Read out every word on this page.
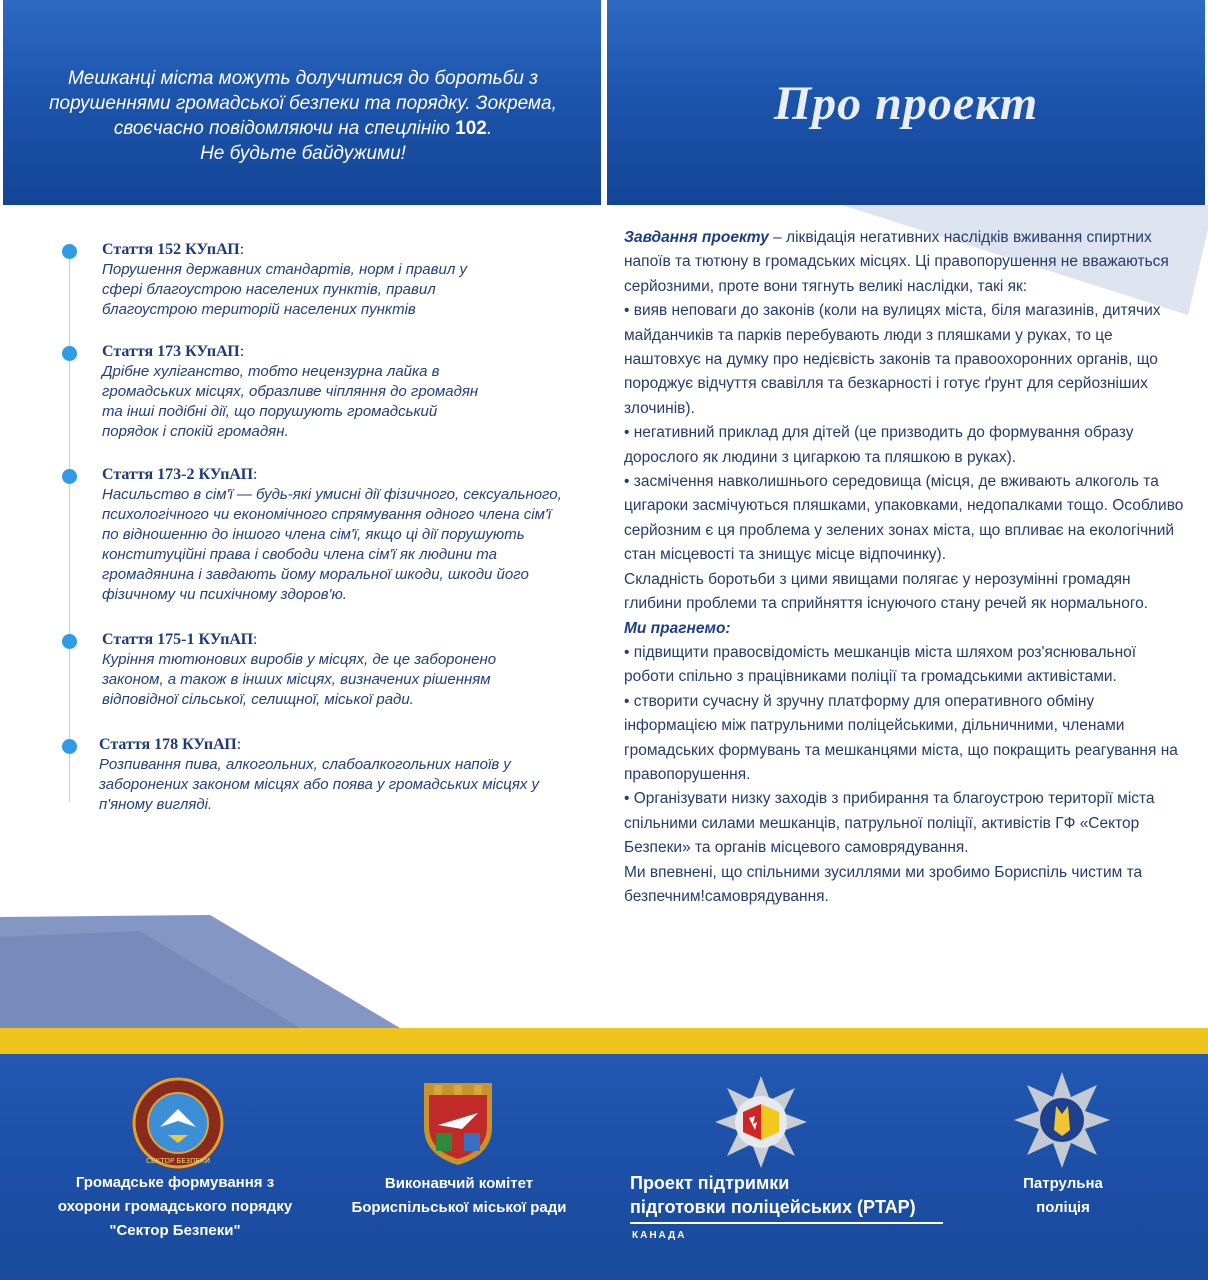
Мешканці міста можуть долучитися до боротьби з
порушеннями громадської безпеки та порядку. Зокрема,
своєчасно повідомляючи на спецлінію 102.
Не будьте байдужими!
Про проект
Стаття 152 КУпАП:
Порушення державних стандартів, норм і правил у
сфері благоустрою населених пунктів, правил
благоустрою територій населених пунктів
Стаття 173 КУпАП:
Дрібне хуліганство, тобто нецензурна лайка в
громадських місцях, образливе чіпляння до громадян
та інші подібні дії, що порушують громадський
порядок і спокій громадян.
Стаття 173-2 КУпАП:
Насильство в сім'ї — будь-які умисні дії фізичного, сексуального,
психологічного чи економічного спрямування одного члена сім'ї
по відношенню до іншого члена сім'ї, якщо ці дії порушують
конституційні права і свободи члена сім'ї як людини та
громадянина і завдають йому моральної шкоди, шкоди його
фізичному чи психічному здоров'ю.
Стаття 175-1 КУпАП:
Куріння тютюнових виробів у місцях, де це заборонено
законом, а також в інших місцях, визначених рішенням
відповідної сільської, селищної, міської ради.
Стаття 178 КУпАП:
Розпивання пива, алкогольних, слабоалкогольних напоїв у
заборонених законом місцях або поява у громадських місцях у
п'яному вигляді.

Завдання проекту – ліквідація негативних наслідків вживання спиртних напоїв та тютюну в громадських місцях. Ці правопорушення не вважаються серйозними, проте вони тягнуть великі наслідки, такі як:

• вияв неповаги до законів (коли на вулицях міста, біля магазинів, дитячих майданчиків та парків перебувають люди з пляшками у руках, то це наштовхує на думку про недієвість законів та правоохоронних органів, що породжує відчуття свавілля та безкарності і готує ґрунт для серйозніших злочинів).

• негативний приклад для дітей (це призводить до формування образу дорослого як людини з цигаркою та пляшкою в руках).

• засмічення навколишнього середовища (місця, де вживають алкоголь та цигароки засмічуються пляшками, упаковками, недопалками тощо. Особливо серйозним є ця проблема у зелених зонах міста, що впливає на екологічний стан місцевості та знищує місце відпочинку).

Складність боротьби з цими явищами полягає у нерозумінні громадян глибини проблеми та сприйняття існуючого стану речей як нормального.

Ми прагнемо:

• підвищити правосвідомість мешканців міста шляхом роз'яснювальної роботи спільно з працівниками поліції та громадськими активістами.

• створити сучасну й зручну платформу для оперативного обміну інформацією між патрульними поліцейськими, дільничними, членами громадських формувань та мешканцями міста, що покращить реагування на правопорушення.

• Організувати низку заходів з прибирання та благоустрою території міста спільними силами мешканців, патрульної поліції, активістів ГФ «Сектор Безпеки» та органів місцевого самоврядування.

Ми впевнені, що спільними зусиллями ми зробимо Бориспіль чистим та безпечним!самоврядування.

СЕКТОР БЕЗПЕКИ
Громадське формування з
охорони громадського порядку
"Сектор Безпеки"
Виконавчий комітет
Бориспільської міської ради
Проект підтримки
підготовки поліцейських (PTAP)
КАНАДА
Патрульна
поліція
